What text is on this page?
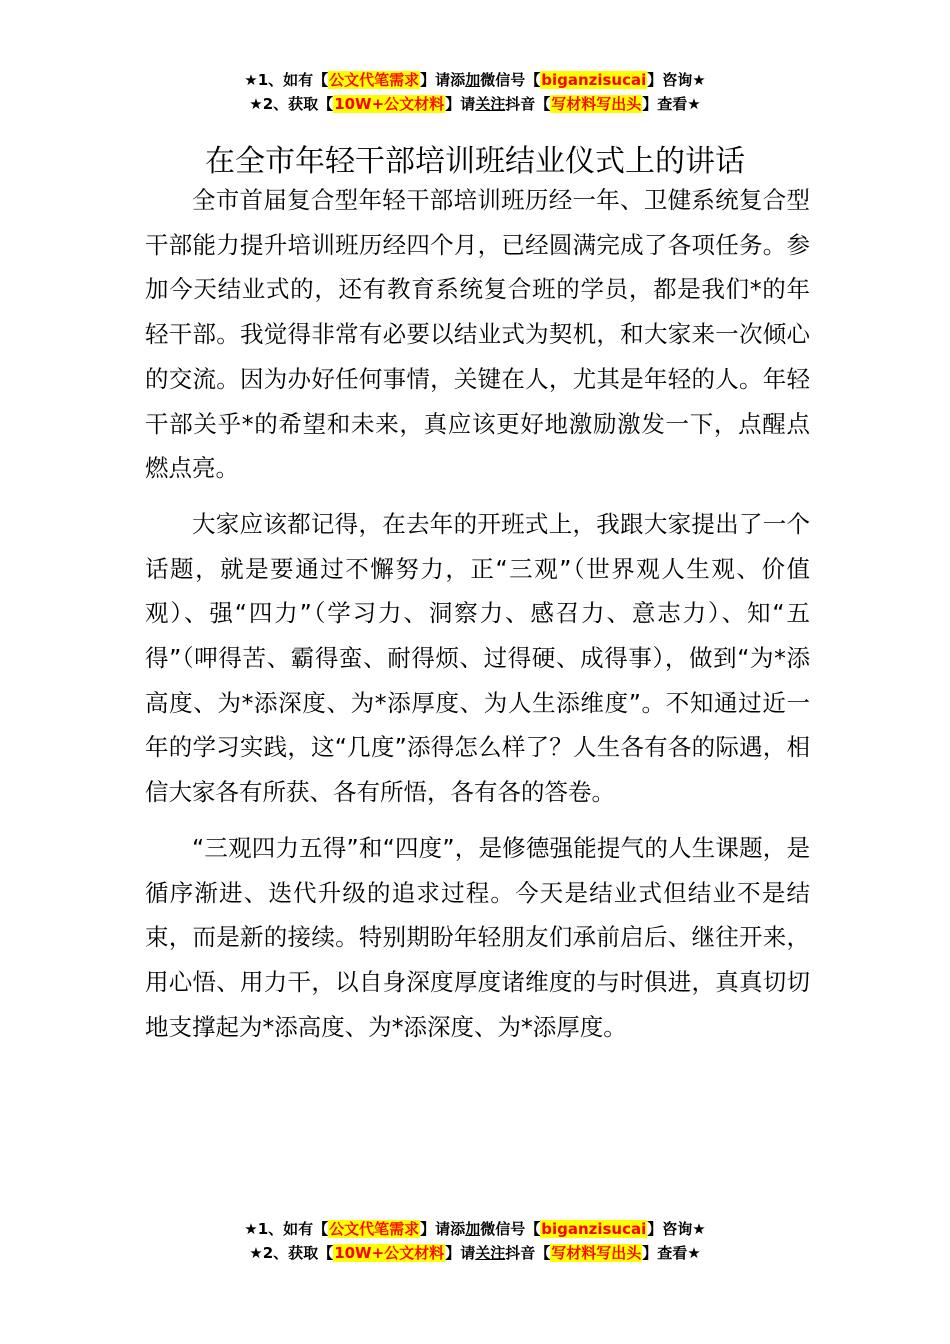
★1、如有【公文代笔需求】请添加微信号【biganzisucai】咨询★
★2、获取【10W+公文材料】请关注抖音【写材料写出头】查看★
在全市年轻干部培训班结业仪式上的讲话

全市首届复合型年轻干部培训班历经一年、卫健系统复合型干部能力提升培训班历经四个月，已经圆满完成了各项任务。参加今天结业式的，还有教育系统复合班的学员，都是我们*的年轻干部。我觉得非常有必要以结业式为契机，和大家来一次倾心的交流。因为办好任何事情，关键在人，尤其是年轻的人。年轻干部关乎*的希望和未来，真应该更好地激励激发一下，点醒点燃点亮。

大家应该都记得，在去年的开班式上，我跟大家提出了一个话题，就是要通过不懈努力，正“三观”（世界观人生观、价值观）、强“四力”（学习力、洞察力、感召力、意志力）、知“五得”（呷得苦、霸得蛮、耐得烦、过得硬、成得事），做到“为*添高度、为*添深度、为*添厚度、为人生添维度”。不知通过近一年的学习实践，这“几度”添得怎么样了？人生各有各的际遇，相信大家各有所获、各有所悟，各有各的答卷。

“三观四力五得”和“四度”，是修德强能提气的人生课题，是循序渐进、迭代升级的追求过程。今天是结业式但结业不是结束，而是新的接续。特别期盼年轻朋友们承前启后、继往开来，用心悟、用力干，以自身深度厚度诸维度的与时俱进，真真切切地支撑起为*添高度、为*添深度、为*添厚度。

★1、如有【公文代笔需求】请添加微信号【biganzisucai】咨询★
★2、获取【10W+公文材料】请关注抖音【写材料写出头】查看★
